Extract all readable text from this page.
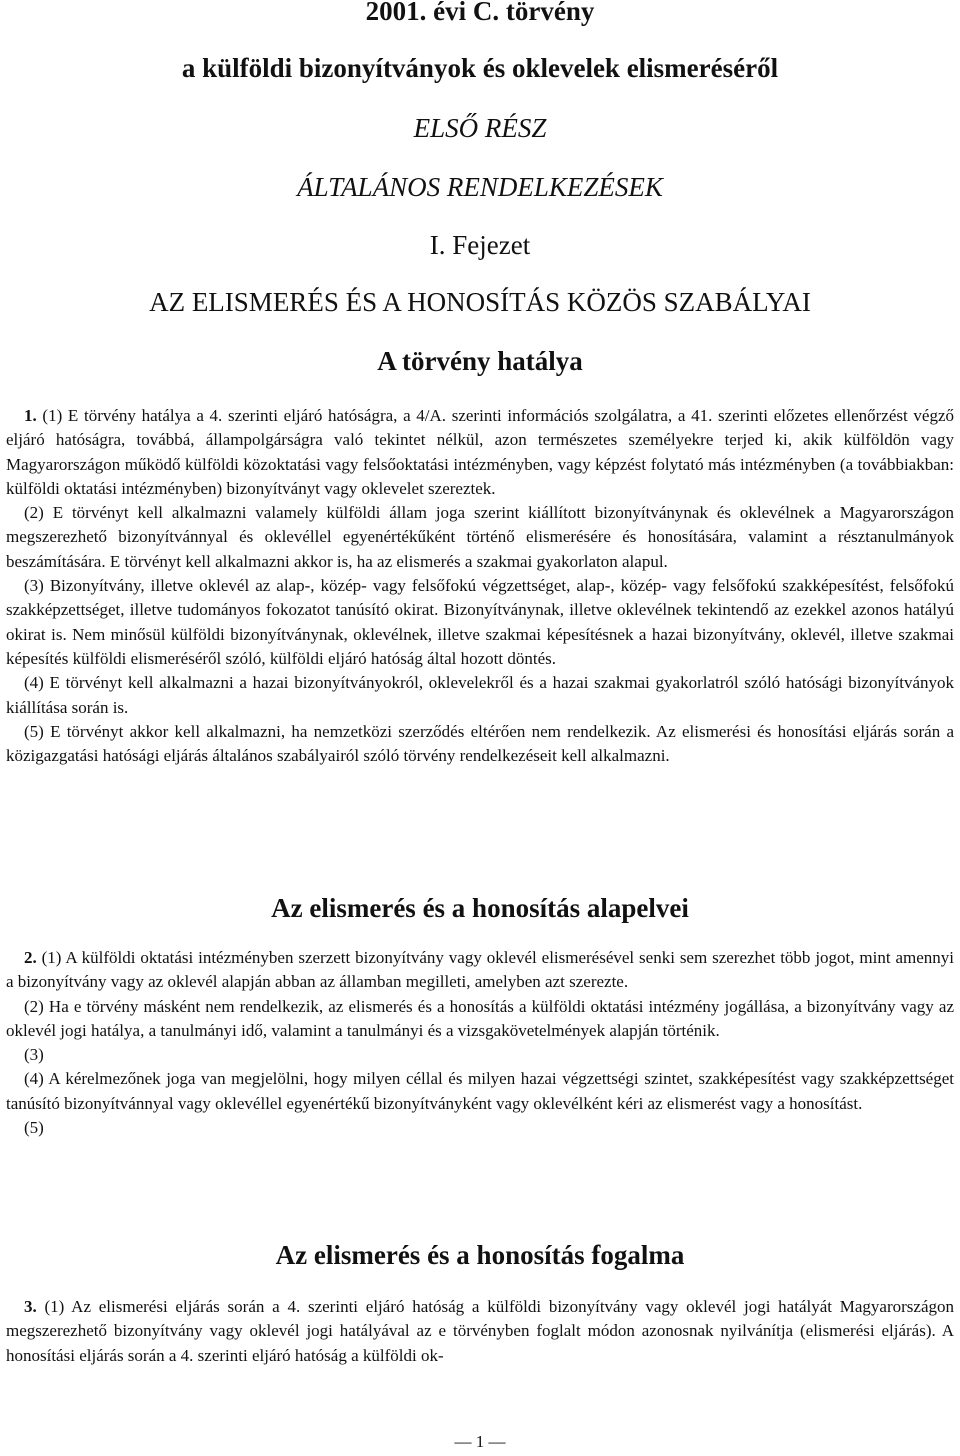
2001. évi C. törvény
a külföldi bizonyítványok és oklevelek elismeréséről
ELSŐ RÉSZ
ÁLTALÁNOS RENDELKEZÉSEK
I. Fejezet
AZ ELISMERÉS ÉS A HONOSÍTÁS KÖZÖS SZABÁLYAI
A törvény hatálya

1. (1) E törvény hatálya a 4. szerinti eljáró hatóságra, a 4/A. szerinti információs szolgálatra, a 41. szerinti előzetes ellenőrzést végző eljáró hatóságra, továbbá, állampolgárságra való tekintet nélkül, azon természetes személyekre terjed ki, akik külföldön vagy Magyarországon működő külföldi közoktatási vagy felsőoktatási intézményben, vagy képzést folytató más intézményben (a továbbiakban: külföldi oktatási intézményben) bizonyítványt vagy oklevelet szereztek.

(2) E törvényt kell alkalmazni valamely külföldi állam joga szerint kiállított bizonyítványnak és oklevélnek a Magyarországon megszerezhető bizonyítvánnyal és oklevéllel egyenértékűként történő elismerésére és honosítására, valamint a résztanulmányok beszámítására. E törvényt kell alkalmazni akkor is, ha az elismerés a szakmai gyakorlaton alapul.

(3) Bizonyítvány, illetve oklevél az alap-, közép- vagy felsőfokú végzettséget, alap-, közép- vagy felsőfokú szakképesítést, felsőfokú szakképzettséget, illetve tudományos fokozatot tanúsító okirat. Bizonyítványnak, illetve oklevélnek tekintendő az ezekkel azonos hatályú okirat is. Nem minősül külföldi bizonyítványnak, oklevélnek, illetve szakmai képesítésnek a hazai bizonyítvány, oklevél, illetve szakmai képesítés külföldi elismeréséről szóló, külföldi eljáró hatóság által hozott döntés.

(4) E törvényt kell alkalmazni a hazai bizonyítványokról, oklevelekről és a hazai szakmai gyakorlatról szóló hatósági bizonyítványok kiállítása során is.

(5) E törvényt akkor kell alkalmazni, ha nemzetközi szerződés eltérően nem rendelkezik. Az elismerési és honosítási eljárás során a közigazgatási hatósági eljárás általános szabályairól szóló törvény rendelkezéseit kell alkalmazni.

Az elismerés és a honosítás alapelvei

2. (1) A külföldi oktatási intézményben szerzett bizonyítvány vagy oklevél elismerésével senki sem szerezhet több jogot, mint amennyi a bizonyítvány vagy az oklevél alapján abban az államban megilleti, amelyben azt szerezte.

(2) Ha e törvény másként nem rendelkezik, az elismerés és a honosítás a külföldi oktatási intézmény jogállása, a bizonyítvány vagy az oklevél jogi hatálya, a tanulmányi idő, valamint a tanulmányi és a vizsgakövetelmények alapján történik.

(3)

(4) A kérelmezőnek joga van megjelölni, hogy milyen céllal és milyen hazai végzettségi szintet, szakképesítést vagy szakképzettséget tanúsító bizonyítvánnyal vagy oklevéllel egyenértékű bizonyítványként vagy oklevélként kéri az elismerést vagy a honosítást.

(5)

Az elismerés és a honosítás fogalma

3. (1) Az elismerési eljárás során a 4. szerinti eljáró hatóság a külföldi bizonyítvány vagy oklevél jogi hatályát Magyarországon megszerezhető bizonyítvány vagy oklevél jogi hatályával az e törvényben foglalt módon azonosnak nyilvánítja (elismerési eljárás). A honosítási eljárás során a 4. szerinti eljáró hatóság a külföldi ok-

— 1 —
